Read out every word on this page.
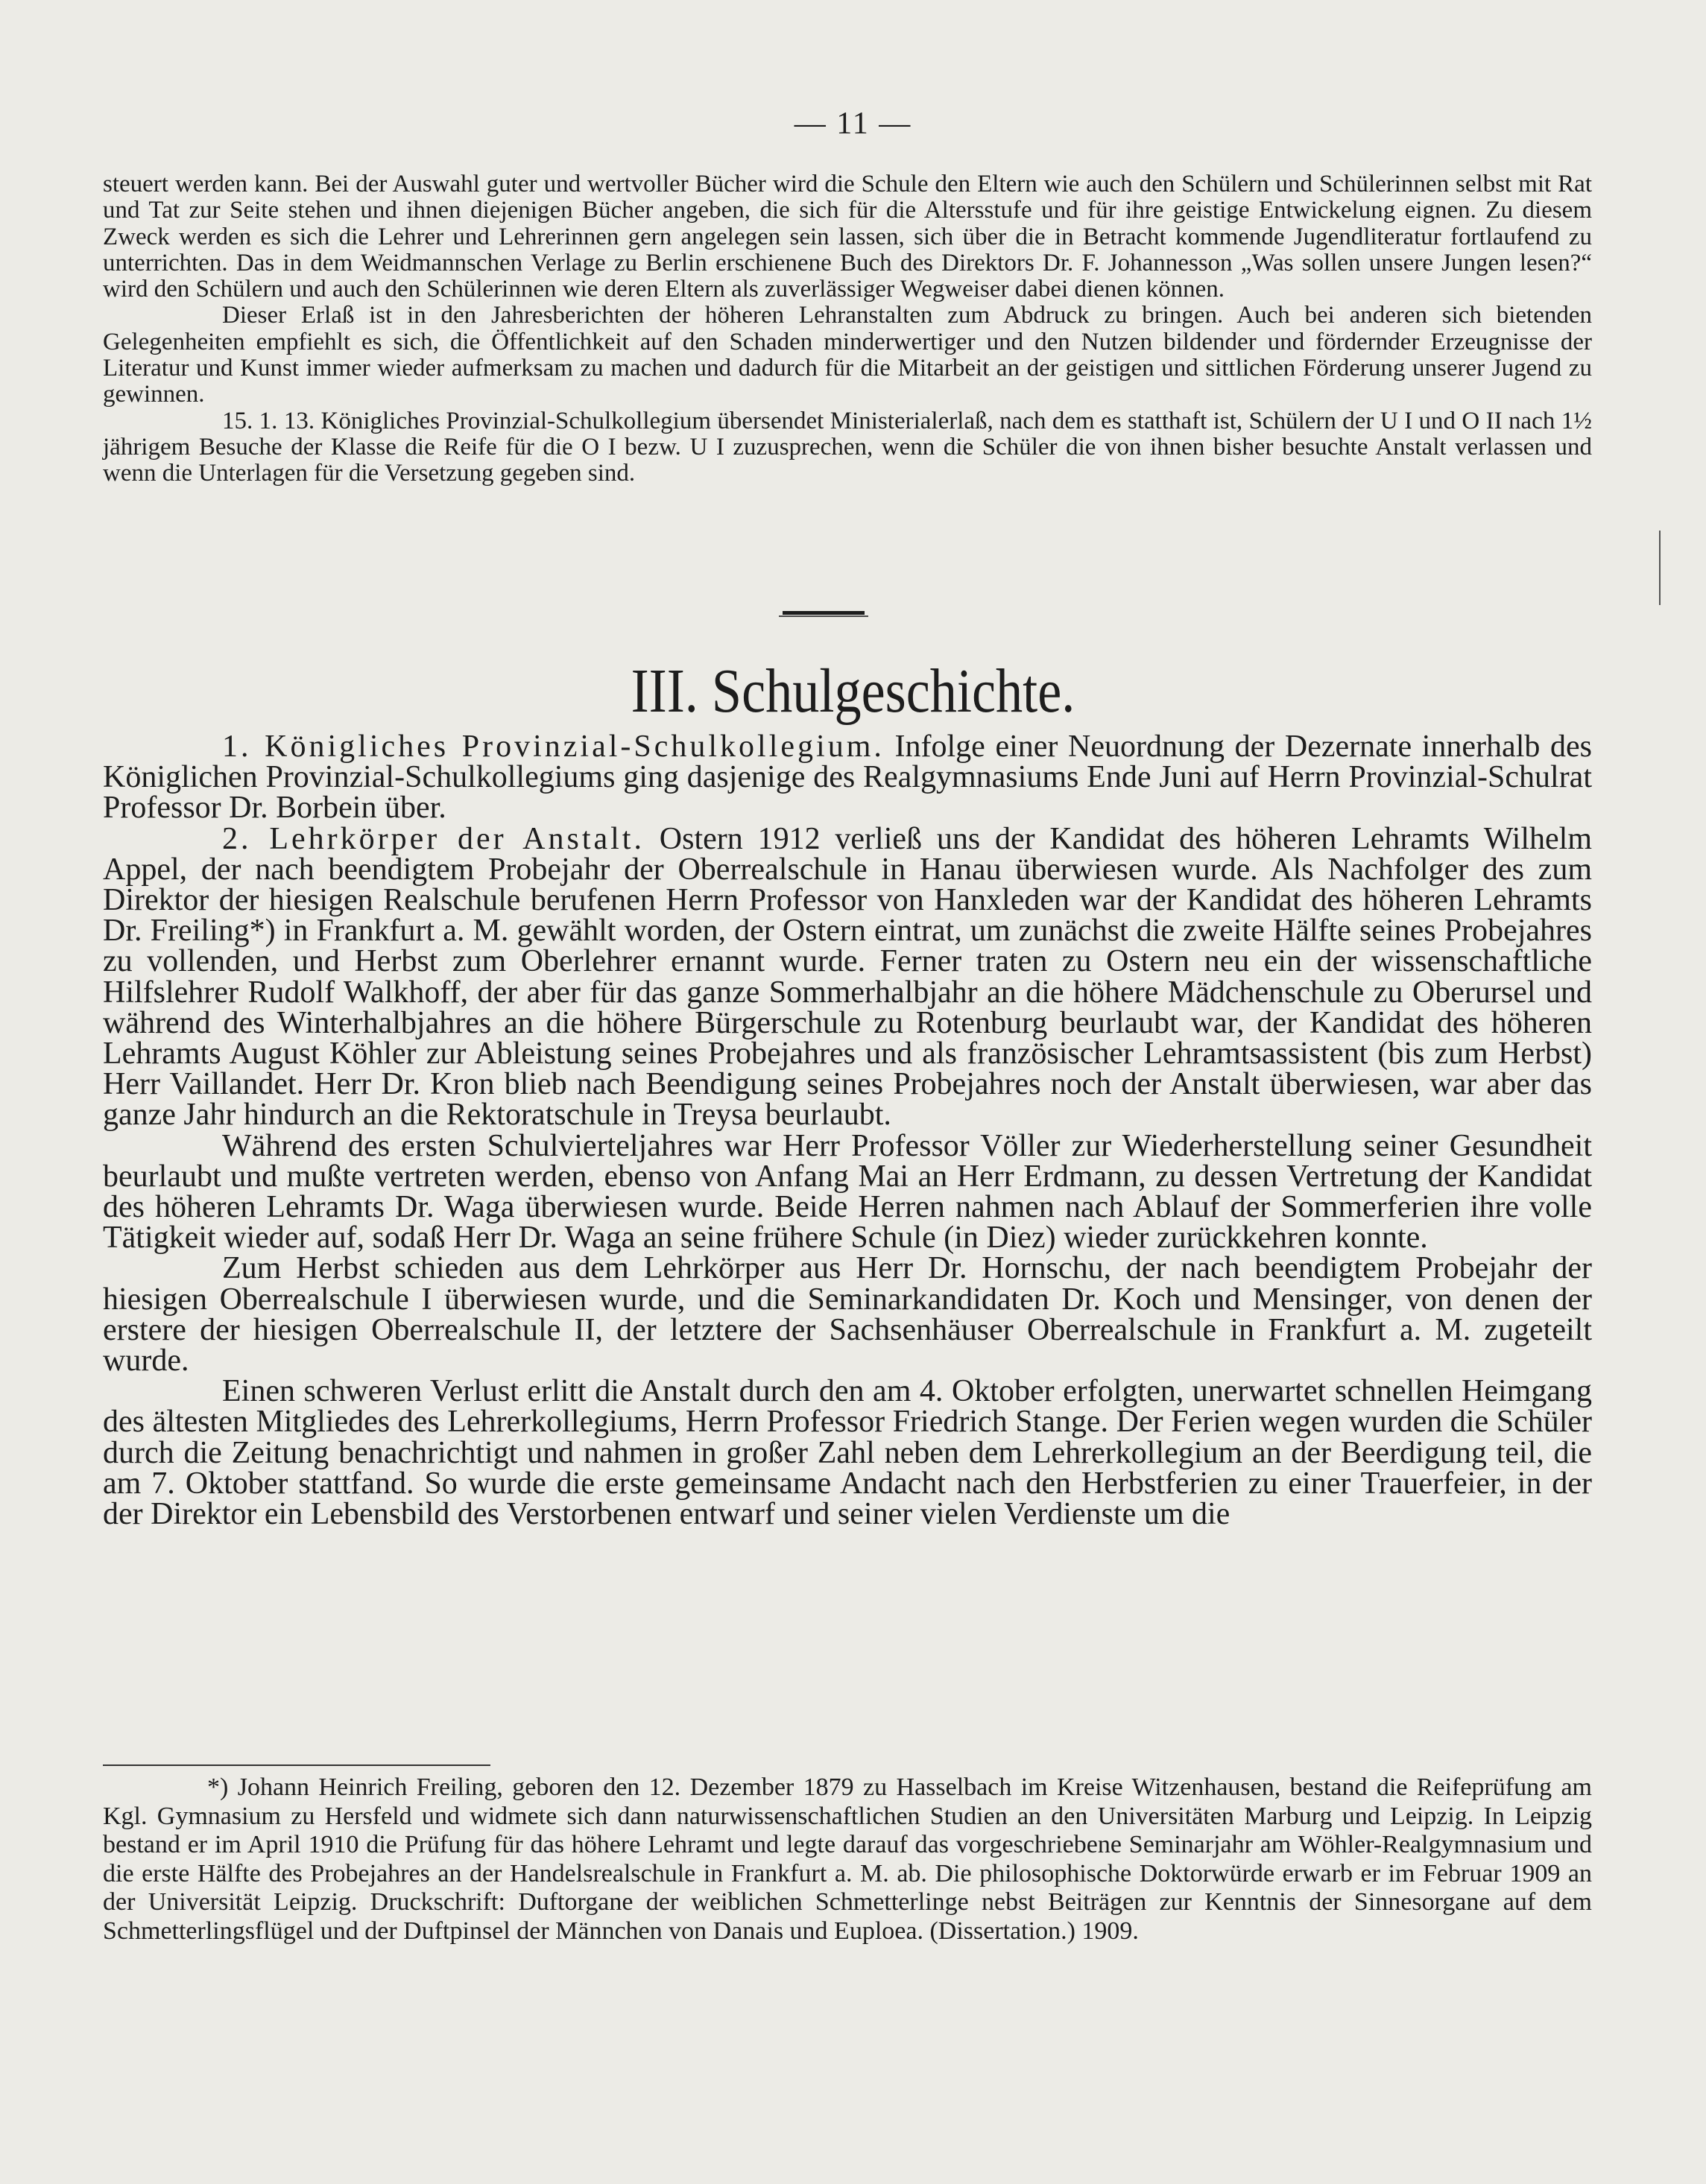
— 11 —

steuert werden kann. Bei der Auswahl guter und wertvoller Bücher wird die Schule den Eltern wie auch den Schülern und Schülerinnen selbst mit Rat und Tat zur Seite stehen und ihnen diejenigen Bücher angeben, die sich für die Altersstufe und für ihre geistige Entwickelung eignen. Zu diesem Zweck werden es sich die Lehrer und Lehrerinnen gern angelegen sein lassen, sich über die in Betracht kommende Jugendliteratur fortlaufend zu unterrichten. Das in dem Weidmannschen Verlage zu Berlin erschienene Buch des Direktors Dr. F. Johannesson „Was sollen unsere Jungen lesen?“ wird den Schülern und auch den Schülerinnen wie deren Eltern als zuverlässiger Wegweiser dabei dienen können.

Dieser Erlaß ist in den Jahresberichten der höheren Lehranstalten zum Abdruck zu bringen. Auch bei anderen sich bietenden Gelegenheiten empfiehlt es sich, die Öffentlichkeit auf den Schaden minderwertiger und den Nutzen bildender und fördernder Erzeugnisse der Literatur und Kunst immer wieder aufmerksam zu machen und dadurch für die Mitarbeit an der geistigen und sittlichen Förderung unserer Jugend zu gewinnen.

15. 1. 13. Königliches Provinzial-Schulkollegium übersendet Ministerialerlaß, nach dem es statthaft ist, Schülern der U I und O II nach 1½ jährigem Besuche der Klasse die Reife für die O I bezw. U I zuzusprechen, wenn die Schüler die von ihnen bisher besuchte Anstalt verlassen und wenn die Unterlagen für die Versetzung gegeben sind.

III. Schulgeschichte.

1. Königliches Provinzial-Schulkollegium. Infolge einer Neuordnung der Dezernate innerhalb des Königlichen Provinzial-Schulkollegiums ging dasjenige des Realgymnasiums Ende Juni auf Herrn Provinzial-Schulrat Professor Dr. Borbein über.

2. Lehrkörper der Anstalt. Ostern 1912 verließ uns der Kandidat des höheren Lehramts Wilhelm Appel, der nach beendigtem Probejahr der Oberrealschule in Hanau überwiesen wurde. Als Nachfolger des zum Direktor der hiesigen Realschule berufenen Herrn Professor von Hanxleden war der Kandidat des höheren Lehramts Dr. Freiling*) in Frankfurt a. M. gewählt worden, der Ostern eintrat, um zunächst die zweite Hälfte seines Probejahres zu vollenden, und Herbst zum Oberlehrer ernannt wurde. Ferner traten zu Ostern neu ein der wissenschaftliche Hilfslehrer Rudolf Walkhoff, der aber für das ganze Sommerhalbjahr an die höhere Mädchenschule zu Oberursel und während des Winterhalbjahres an die höhere Bürgerschule zu Rotenburg beurlaubt war, der Kandidat des höheren Lehramts August Köhler zur Ableistung seines Probejahres und als französischer Lehramtsassistent (bis zum Herbst) Herr Vaillandet. Herr Dr. Kron blieb nach Beendigung seines Probejahres noch der Anstalt überwiesen, war aber das ganze Jahr hindurch an die Rektoratschule in Treysa beurlaubt.

Während des ersten Schulvierteljahres war Herr Professor Völler zur Wiederherstellung seiner Gesundheit beurlaubt und mußte vertreten werden, ebenso von Anfang Mai an Herr Erdmann, zu dessen Vertretung der Kandidat des höheren Lehramts Dr. Waga überwiesen wurde. Beide Herren nahmen nach Ablauf der Sommerferien ihre volle Tätigkeit wieder auf, sodaß Herr Dr. Waga an seine frühere Schule (in Diez) wieder zurückkehren konnte.

Zum Herbst schieden aus dem Lehrkörper aus Herr Dr. Hornschu, der nach beendigtem Probejahr der hiesigen Oberrealschule I überwiesen wurde, und die Seminarkandidaten Dr. Koch und Mensinger, von denen der erstere der hiesigen Oberrealschule II, der letztere der Sachsenhäuser Oberrealschule in Frankfurt a. M. zugeteilt wurde.

Einen schweren Verlust erlitt die Anstalt durch den am 4. Oktober erfolgten, unerwartet schnellen Heimgang des ältesten Mitgliedes des Lehrerkollegiums, Herrn Professor Friedrich Stange. Der Ferien wegen wurden die Schüler durch die Zeitung benachrichtigt und nahmen in großer Zahl neben dem Lehrerkollegium an der Beerdigung teil, die am 7. Oktober stattfand. So wurde die erste gemeinsame Andacht nach den Herbstferien zu einer Trauerfeier, in der der Direktor ein Lebensbild des Verstorbenen entwarf und seiner vielen Verdienste um die

*) Johann Heinrich Freiling, geboren den 12. Dezember 1879 zu Hasselbach im Kreise Witzenhausen, bestand die Reifeprüfung am Kgl. Gymnasium zu Hersfeld und widmete sich dann naturwissenschaftlichen Studien an den Universitäten Marburg und Leipzig. In Leipzig bestand er im April 1910 die Prüfung für das höhere Lehramt und legte darauf das vorgeschriebene Seminarjahr am Wöhler-Realgymnasium und die erste Hälfte des Probejahres an der Handelsrealschule in Frankfurt a. M. ab. Die philosophische Doktorwürde erwarb er im Februar 1909 an der Universität Leipzig. Druckschrift: Duftorgane der weiblichen Schmetterlinge nebst Beiträgen zur Kenntnis der Sinnesorgane auf dem Schmetterlingsflügel und der Duftpinsel der Männchen von Danais und Euploea. (Dissertation.) 1909.
